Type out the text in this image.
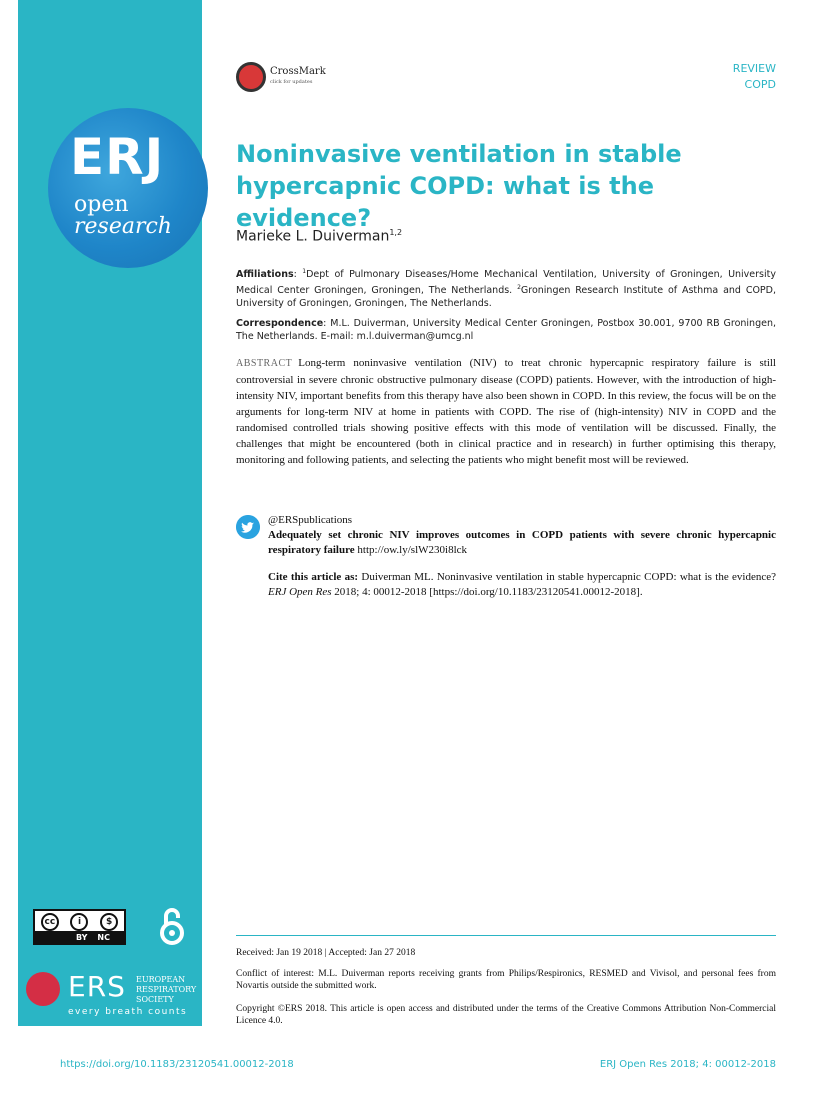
ERJ
open
research
cc	i	$
BY NC
ERS EUROPEAN
RESPIRATORY
SOCIETY
every breath counts
CrossMark
click for updates
REVIEW
COPD
Noninvasive ventilation in stable hypercapnic COPD: what is the evidence?
Marieke L. Duiverman$^{1,2}$
Affiliations: $^1$Dept of Pulmonary Diseases/Home Mechanical Ventilation, University of Groningen, University Medical Center Groningen, Groningen, The Netherlands. $^2$Groningen Research Institute of Asthma and COPD, University of Groningen, Groningen, The Netherlands.
Correspondence: M.L. Duiverman, University Medical Center Groningen, Postbox 30.001, 9700 RB Groningen, The Netherlands. E-mail: m.l.duiverman@umcg.nl
ABSTRACT Long-term noninvasive ventilation (NIV) to treat chronic hypercapnic respiratory failure is still controversial in severe chronic obstructive pulmonary disease (COPD) patients. However, with the introduction of high-intensity NIV, important benefits from this therapy have also been shown in COPD. In this review, the focus will be on the arguments for long-term NIV at home in patients with COPD. The rise of (high-intensity) NIV in COPD and the randomised controlled trials showing positive effects with this mode of ventilation will be discussed. Finally, the challenges that might be encountered (both in clinical practice and in research) in further optimising this therapy, monitoring and following patients, and selecting the patients who might benefit most will be reviewed.
@ERSpublications
Adequately set chronic NIV improves outcomes in COPD patients with severe chronic hypercapnic respiratory failure http://ow.ly/slW230i8lck
Cite this article as: Duiverman ML. Noninvasive ventilation in stable hypercapnic COPD: what is the evidence? ERJ Open Res 2018; 4: 00012-2018 [https://doi.org/10.1183/23120541.00012-2018].
Received: Jan 19 2018 | Accepted: Jan 27 2018
Conflict of interest: M.L. Duiverman reports receiving grants from Philips/Respironics, RESMED and Vivisol, and personal fees from Novartis outside the submitted work.
Copyright ©ERS 2018. This article is open access and distributed under the terms of the Creative Commons Attribution Non-Commercial Licence 4.0.
https://doi.org/10.1183/23120541.00012-2018	ERJ Open Res 2018; 4: 00012-2018
